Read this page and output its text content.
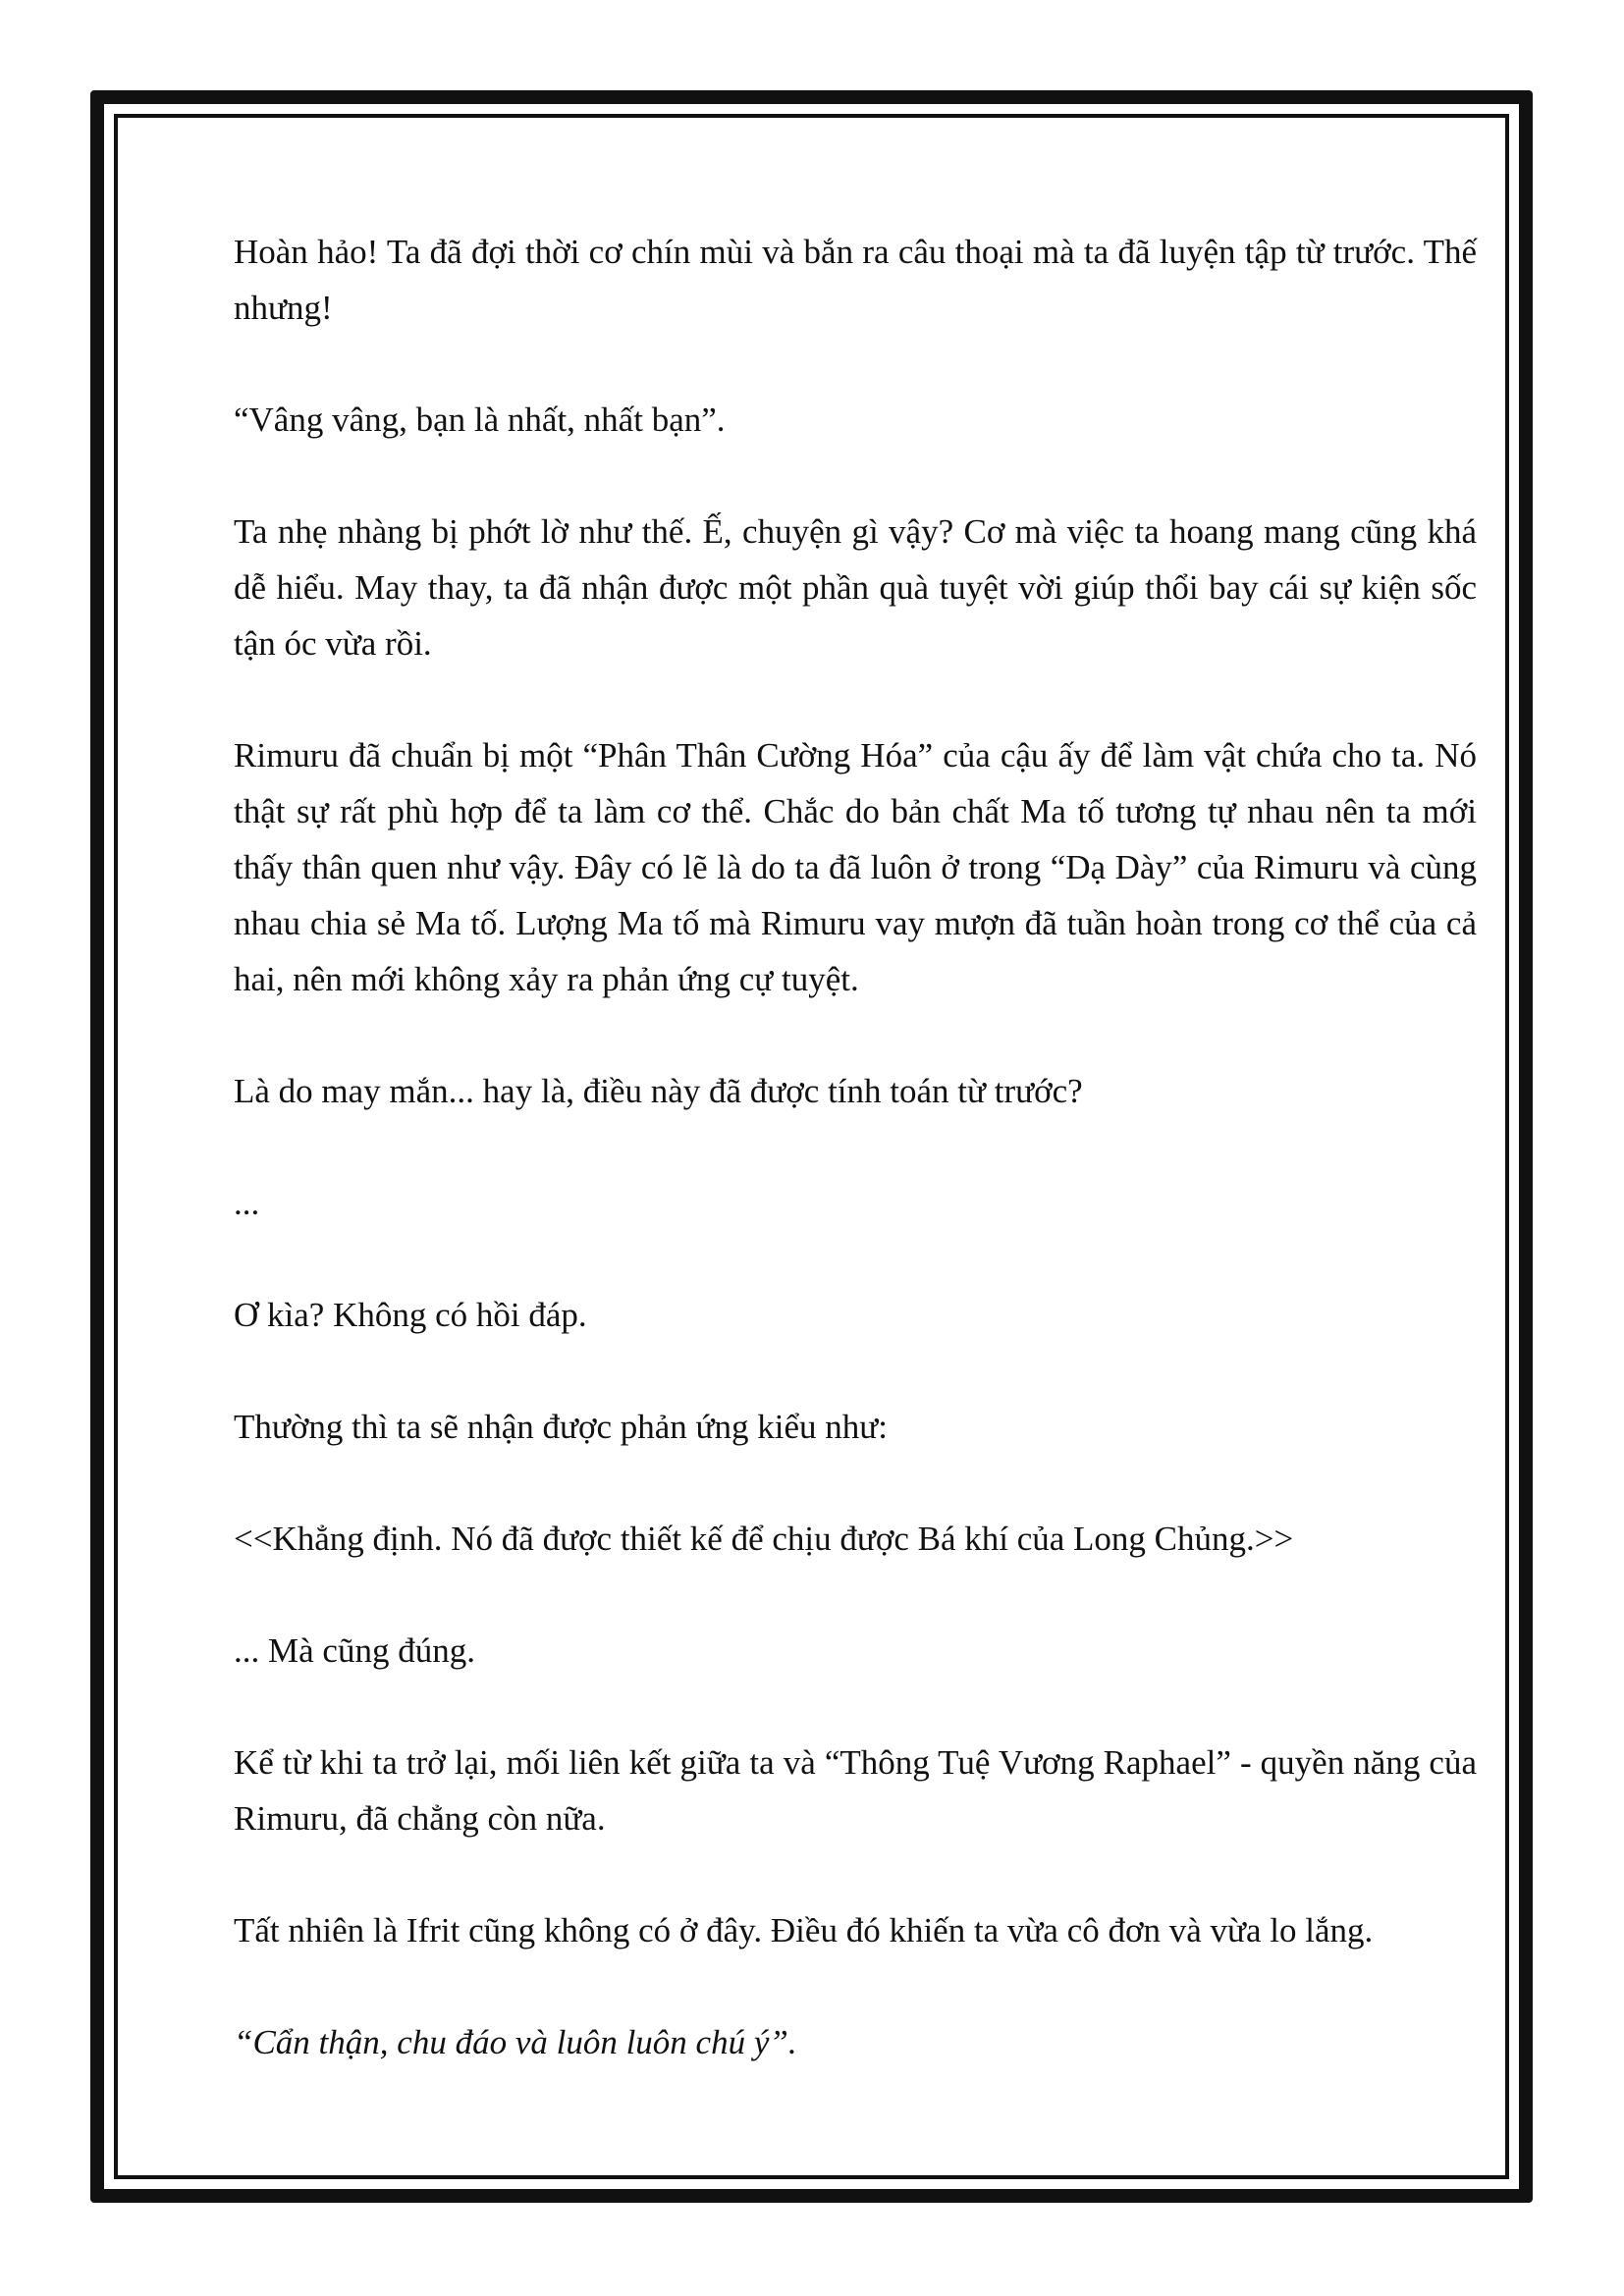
Hoàn hảo! Ta đã đợi thời cơ chín mùi và bắn ra câu thoại mà ta đã luyện tập từ trước. Thế nhưng!

“Vâng vâng, bạn là nhất, nhất bạn”.

Ta nhẹ nhàng bị phớt lờ như thế. Ế, chuyện gì vậy? Cơ mà việc ta hoang mang cũng khá dễ hiểu. May thay, ta đã nhận được một phần quà tuyệt vời giúp thổi bay cái sự kiện sốc tận óc vừa rồi.

Rimuru đã chuẩn bị một “Phân Thân Cường Hóa” của cậu ấy để làm vật chứa cho ta. Nó thật sự rất phù hợp để ta làm cơ thể. Chắc do bản chất Ma tố tương tự nhau nên ta mới thấy thân quen như vậy. Đây có lẽ là do ta đã luôn ở trong “Dạ Dày” của Rimuru và cùng nhau chia sẻ Ma tố. Lượng Ma tố mà Rimuru vay mượn đã tuần hoàn trong cơ thể của cả hai, nên mới không xảy ra phản ứng cự tuyệt.

Là do may mắn... hay là, điều này đã được tính toán từ trước?

...

Ơ kìa? Không có hồi đáp.

Thường thì ta sẽ nhận được phản ứng kiểu như:

<<Khẳng định. Nó đã được thiết kế để chịu được Bá khí của Long Chủng.>>

... Mà cũng đúng.

Kể từ khi ta trở lại, mối liên kết giữa ta và “Thông Tuệ Vương Raphael” - quyền năng của Rimuru, đã chẳng còn nữa.

Tất nhiên là Ifrit cũng không có ở đây. Điều đó khiến ta vừa cô đơn và vừa lo lắng.

“Cẩn thận, chu đáo và luôn luôn chú ý”.
